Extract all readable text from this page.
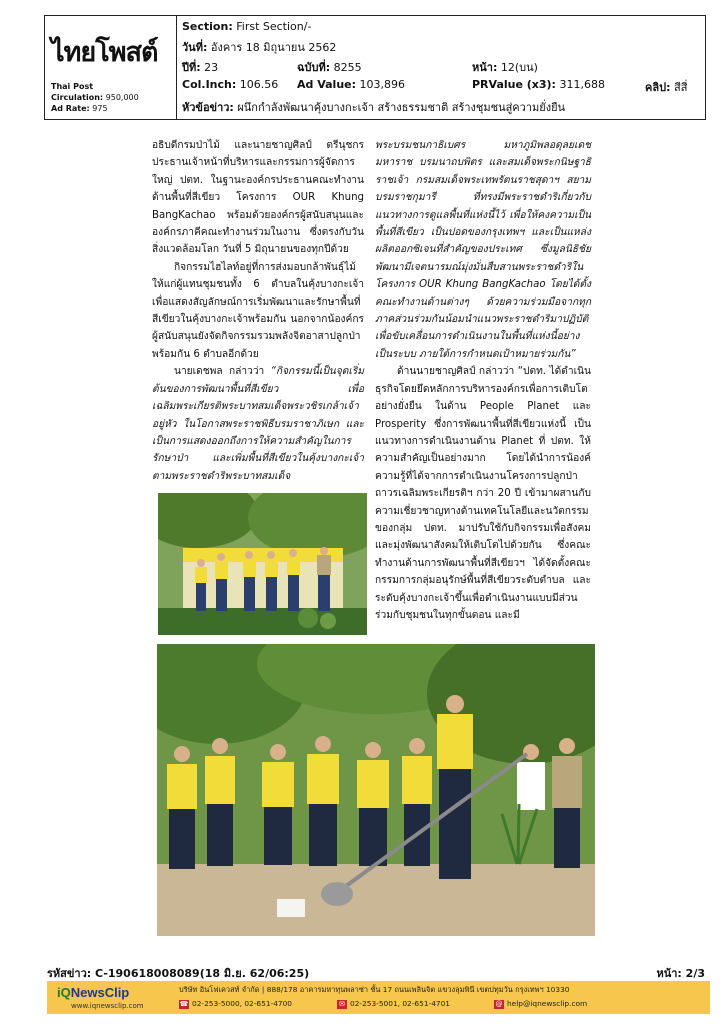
ไทยโพสต์
Thai Post
Circulation: 950,000
Ad Rate: 975
Section: First Section/-
วันที่: อังคาร 18 มิถุนายน 2562
ปีที่: 23	ฉบับที่: 8255	หน้า: 12(บน)
Col.Inch: 106.56 Ad Value: 103,896	PRValue (x3): 311,688	คลิป: สีสี่
หัวข้อข่าว: ผนึกกำลังพัฒนาคุ้งบางกะเจ้า สร้างธรรมชาติ สร้างชุมชนสู่ความยั่งยืน

อธิบดีกรมป่าไม้ และนายชาญศิลป์ ตรีนุชกร ประธานเจ้าหน้าที่บริหารและกรรมการผู้จัดการใหญ่ ปตท. ในฐานะองค์กรประธานคณะทำงานด้านพื้นที่สีเขียว โครงการ OUR Khung BangKachao พร้อมด้วยองค์กรผู้สนับสนุนและองค์กรภาคีคณะทำงานร่วมในงาน ซึ่งตรงกับวันสิ่งแวดล้อมโลก วันที่ 5 มิถุนายนของทุกปีด้วย

กิจกรรมไฮไลท์อยู่ที่การส่งมอบกล้าพันธุ์ไม้ให้แก่ผู้แทนชุมชนทั้ง 6 ตำบลในคุ้งบางกะเจ้า เพื่อแสดงสัญลักษณ์การเริ่มพัฒนาและรักษาพื้นที่สีเขียวในคุ้งบางกะเจ้าพร้อมกัน นอกจากน้องค์กรผู้สนับสนุนยังจัดกิจกรรมรวมพลังจิตอาสาปลูกป่าพร้อมกัน 6 ตำบลอีกด้วย

นายเดชพล กล่าวว่า “กิจกรรมนี้เป็นจุดเริ่มต้นของการพัฒนาพื้นที่สีเขียว เพื่อเฉลิมพระเกียรติพระบาทสมเด็จพระวชิรเกล้าเจ้าอยู่หัว ในโอกาสพระราชพิธีบรมราชาภิเษก และเป็นการแสดงออกถึงการให้ความสำคัญในการรักษาป่า และเพิ่มพื้นที่สีเขียวในคุ้งบางกะเจ้า ตามพระราชดำริพระบาทสมเด็จ

พระบรมชนกาธิเบศร มหาภูมิพลอดุลยเดชมหาราช บรมนาถบพิตร และสมเด็จพระกนิษฐาธิราชเจ้า กรมสมเด็จพระเทพรัตนราชสุดาฯ สยามบรมราชกุมารี ที่ทรงมีพระราชดำริเกี่ยวกับแนวทางการดูแลพื้นที่แห่งนี้ไว้ เพื่อให้คงความเป็นพื้นที่สีเขียว เป็นปอดของกรุงเทพฯ และเป็นแหล่งผลิตออกซิเจนที่สำคัญของประเทศ ซึ่งมูลนิธิชัยพัฒนามีเจตนารมณ์มุ่งมั่นสืบสานพระราชดำริในโครงการ OUR Khung BangKachao โดยได้ตั้งคณะทำงานด้านต่างๆ ด้วยความร่วมมือจากทุกภาคส่วนร่วมกันน้อมนำแนวพระราชดำริมาปฏิบัติ เพื่อขับเคลื่อนการดำเนินงานในพื้นที่แห่งนี้อย่างเป็นระบบ ภายใต้การกำหนดเป้าหมายร่วมกัน”

ด้านนายชาญศิลป์ กล่าวว่า “ปตท. ได้ดำเนินธุรกิจโดยยึดหลักการบริหารองค์กรเพื่อการเติบโตอย่างยั่งยืน ในด้าน People Planet และ Prosperity ซึ่งการพัฒนาพื้นที่สีเขียวแห่งนี้ เป็นแนวทางการดำเนินงานด้าน Planet ที่ ปตท. ให้ความสำคัญเป็นอย่างมาก โดยได้นำการน้องค์ความรู้ที่ได้จากการดำเนินงานโครงการปลูกป่าถาวรเฉลิมพระเกียรติฯ กว่า 20 ปี เข้ามาผสานกับความเชี่ยวชาญทางด้านเทคโนโลยีและนวัตกรรมของกลุ่ม ปตท. มาปรับใช้กับกิจกรรมเพื่อสังคม และมุ่งพัฒนาสังคมให้เติบโตไปด้วยกัน ซึ่งคณะทำงานด้านการพัฒนาพื้นที่สีเขียวฯ ได้จัดตั้งคณะกรรมการกลุ่มอนุรักษ์พื้นที่สีเขียวระดับตำบล และระดับคุ้งบางกะเจ้าขึ้นเพื่อดำเนินงานแบบมีส่วนร่วมกับชุมชนในทุกขั้นตอน และมี

รหัสข่าว: C-190618008089(18 มิ.ย. 62/06:25)	หน้า: 2/3
iQNewsClip
www.iqnewsclip.com
บริษัท อินโฟเควสท์ จำกัด | 888/178 อาคารมหาทุนพลาซ่า ชั้น 17 ถนนเพลินจิต แขวงลุมพินี เขตปทุมวัน กรุงเทพฯ 10330
☎ 02-253-5000, 02-651-4700	✉ 02-253-5001, 02-651-4701	@ help@iqnewsclip.com
